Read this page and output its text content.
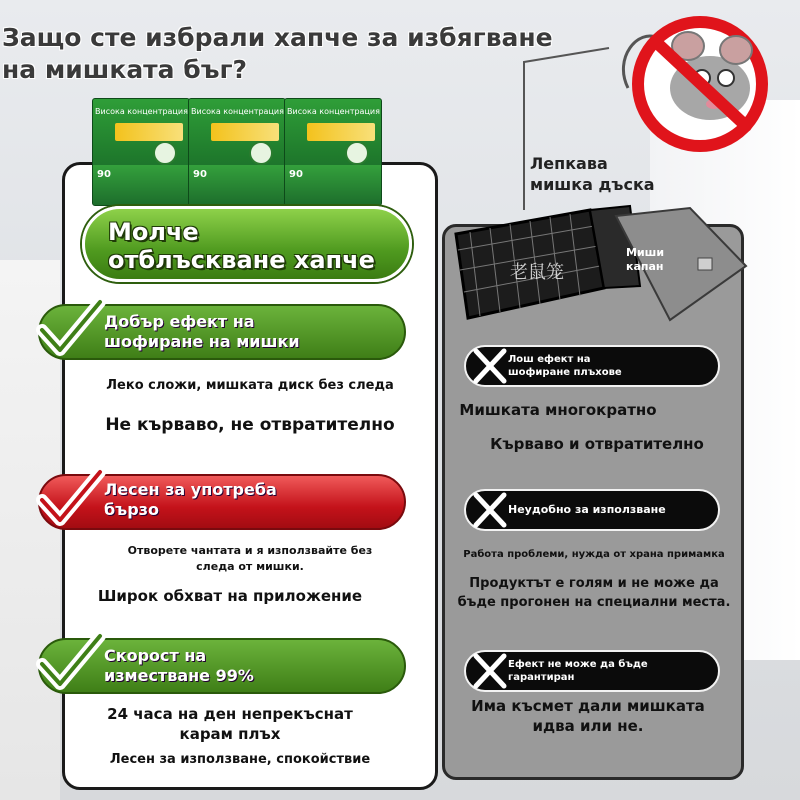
Защо сте избрали хапче за избягване
на мишката бъг?
Лепкава
мишка дъска
老鼠笼
Миши
капан
Висока концентрация
90
Висока концентрация
90
Висока концентрация
90
Молче
отблъскване хапче
Добър ефект на
шофиране на мишки
Леко сложи, мишката диск без следа
Не кърваво, не отвратително
Лесен за употреба
бързо
Отворете чантата и я използвайте без
следа от мишки.
Широк обхват на приложение
Скорост на
изместване 99%
24 часа на ден непрекъснат
карам плъх
Лесен за използване, спокойствие
Лош ефект на
шофиране плъхове
Мишката многократно
Кърваво и отвратително
Неудобно за използване
Работа проблеми, нужда от храна примамка
Продуктът е голям и не може да
бъде прогонен на специални места.
Ефект не може да бъде
гарантиран
Има късмет дали мишката
идва или не.
